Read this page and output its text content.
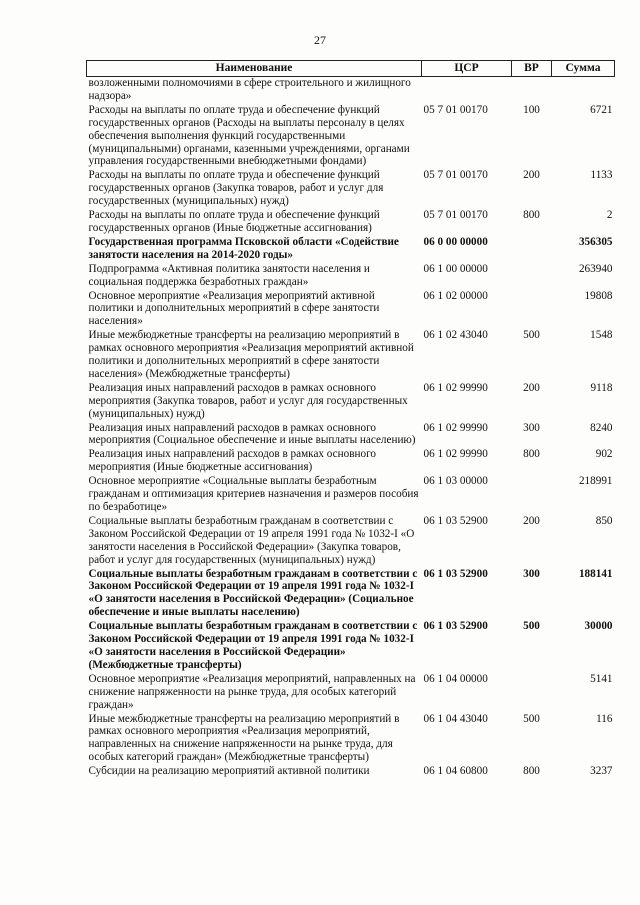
27
Наименование	ЦСР	ВР	Сумма
возложенными полномочиями в сфере строительного и жилищного надзора»			
Расходы на выплаты по оплате труда и обеспечение функций государственных органов (Расходы на выплаты персоналу в целях обеспечения выполнения функций государственными (муниципальными) органами, казенными учреждениями, органами управления государственными внебюджетными фондами)	05 7 01 00170	100	6721
Расходы на выплаты по оплате труда и обеспечение функций государственных органов (Закупка товаров, работ и услуг для государственных (муниципальных) нужд)	05 7 01 00170	200	1133
Расходы на выплаты по оплате труда и обеспечение функций государственных органов (Иные бюджетные ассигнования)	05 7 01 00170	800	2
Государственная программа Псковской области «Содействие занятости населения на 2014-2020 годы»	06 0 00 00000		356305
Подпрограмма «Активная политика занятости населения и социальная поддержка безработных граждан»	06 1 00 00000		263940
Основное мероприятие «Реализация мероприятий активной политики и дополнительных мероприятий в сфере занятости населения»	06 1 02 00000		19808
Иные межбюджетные трансферты на реализацию мероприятий в рамках основного мероприятия «Реализация мероприятий активной политики и дополнительных мероприятий в сфере занятости населения» (Межбюджетные трансферты)	06 1 02 43040	500	1548
Реализация иных направлений расходов в рамках основного мероприятия (Закупка товаров, работ и услуг для государственных (муниципальных) нужд)	06 1 02 99990	200	9118
Реализация иных направлений расходов в рамках основного мероприятия (Социальное обеспечение и иные выплаты населению)	06 1 02 99990	300	8240
Реализация иных направлений расходов в рамках основного мероприятия (Иные бюджетные ассигнования)	06 1 02 99990	800	902
Основное мероприятие «Социальные выплаты безработным гражданам и оптимизация критериев назначения и размеров пособия по безработице»	06 1 03 00000		218991
Социальные выплаты безработным гражданам в соответствии с Законом Российской Федерации от 19 апреля 1991 года № 1032-I «О занятости населения в Российской Федерации» (Закупка товаров, работ и услуг для государственных (муниципальных) нужд)	06 1 03 52900	200	850
Социальные выплаты безработным гражданам в соответствии с Законом Российской Федерации от 19 апреля 1991 года № 1032-I «О занятости населения в Российской Федерации» (Социальное обеспечение и иные выплаты населению)	06 1 03 52900	300	188141
Социальные выплаты безработным гражданам в соответствии с Законом Российской Федерации от 19 апреля 1991 года № 1032-I «О занятости населения в Российской Федерации» (Межбюджетные трансферты)	06 1 03 52900	500	30000
Основное мероприятие «Реализация мероприятий, направленных на снижение напряженности на рынке труда, для особых категорий граждан»	06 1 04 00000		5141
Иные межбюджетные трансферты на реализацию мероприятий в рамках основного мероприятия «Реализация мероприятий, направленных на снижение напряженности на рынке труда, для особых категорий граждан» (Межбюджетные трансферты)	06 1 04 43040	500	116
Субсидии на реализацию мероприятий активной политики	06 1 04 60800	800	3237
